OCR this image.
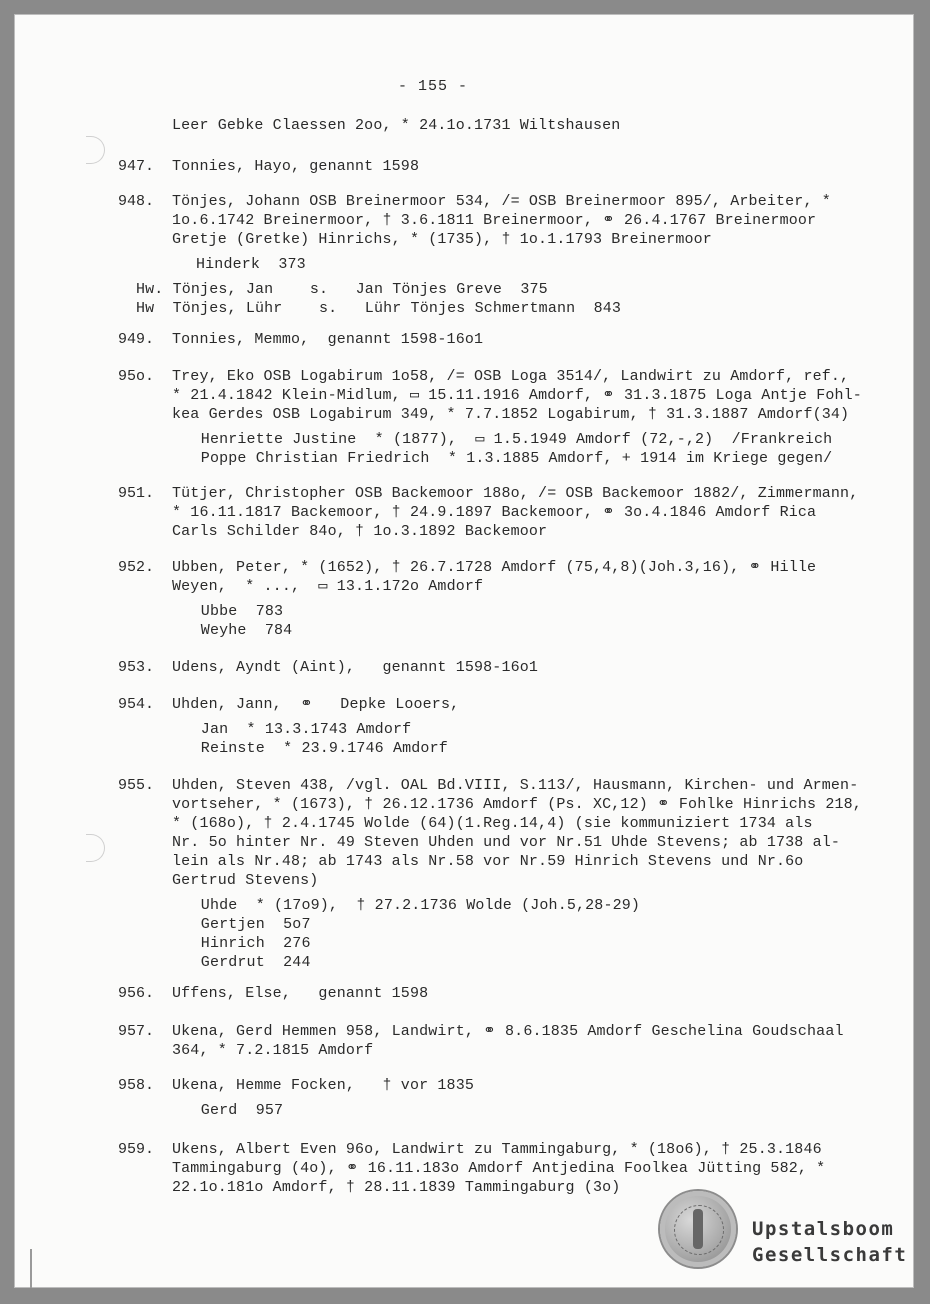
- 155 -
Leer Gebke Claessen 2oo, * 24.1o.1731 Wiltshausen
947. Tonnies, Hayo, genannt 1598
948. Tönjes, Johann OSB Breinermoor 534, /= OSB Breinermoor 895/, Arbeiter, *
1o.6.1742 Breinermoor, † 3.6.1811 Breinermoor, ⚭ 26.4.1767 Breinermoor
Gretje (Gretke) Hinrichs, * (1735), † 1o.1.1793 Breinermoor
Hinderk  373
Hw. Tönjes, Jan    s.   Jan Tönjes Greve  375
Hw  Tönjes, Lühr    s.   Lühr Tönjes Schmertmann  843
949. Tonnies, Memmo,  genannt 1598-16o1
95o. Trey, Eko OSB Logabirum 1o58, /= OSB Loga 3514/, Landwirt zu Amdorf, ref.,
* 21.4.1842 Klein-Midlum, ▭ 15.11.1916 Amdorf, ⚭ 31.3.1875 Loga Antje Fohl-
kea Gerdes OSB Logabirum 349, * 7.7.1852 Logabirum, † 31.3.1887 Amdorf(34)
Henriette Justine  * (1877),  ▭ 1.5.1949 Amdorf (72,-,2)  /Frankreich
Poppe Christian Friedrich  * 1.3.1885 Amdorf, + 1914 im Kriege gegen/
951. Tütjer, Christopher OSB Backemoor 188o, /= OSB Backemoor 1882/, Zimmermann,
* 16.11.1817 Backemoor, † 24.9.1897 Backemoor, ⚭ 3o.4.1846 Amdorf Rica
Carls Schilder 84o, † 1o.3.1892 Backemoor
952. Ubben, Peter, * (1652), † 26.7.1728 Amdorf (75,4,8)(Joh.3,16), ⚭ Hille
Weyen,  * ...,  ▭ 13.1.172o Amdorf
Ubbe  783
Weyhe  784
953. Udens, Ayndt (Aint),   genannt 1598-16o1
954. Uhden, Jann,  ⚭   Depke Looers,
Jan  * 13.3.1743 Amdorf
Reinste  * 23.9.1746 Amdorf
955. Uhden, Steven 438, /vgl. OAL Bd.VIII, S.113/, Hausmann, Kirchen- und Armen-
vortseher, * (1673), † 26.12.1736 Amdorf (Ps. XC,12) ⚭ Fohlke Hinrichs 218,
* (168o), † 2.4.1745 Wolde (64)(1.Reg.14,4) (sie kommuniziert 1734 als
Nr. 5o hinter Nr. 49 Steven Uhden und vor Nr.51 Uhde Stevens; ab 1738 al-
lein als Nr.48; ab 1743 als Nr.58 vor Nr.59 Hinrich Stevens und Nr.6o
Gertrud Stevens)
Uhde  * (17o9),  † 27.2.1736 Wolde (Joh.5,28-29)
Gertjen  5o7
Hinrich  276
Gerdrut  244
956. Uffens, Else,   genannt 1598
957. Ukena, Gerd Hemmen 958, Landwirt, ⚭ 8.6.1835 Amdorf Geschelina Goudschaal
364, * 7.2.1815 Amdorf
958. Ukena, Hemme Focken,   † vor 1835
Gerd  957
959. Ukens, Albert Even 96o, Landwirt zu Tammingaburg, * (18o6), † 25.3.1846
Tammingaburg (4o), ⚭ 16.11.183o Amdorf Antjedina Foolkea Jütting 582, *
22.1o.181o Amdorf, † 28.11.1839 Tammingaburg (3o)
Upstalsboom
Gesellschaft
